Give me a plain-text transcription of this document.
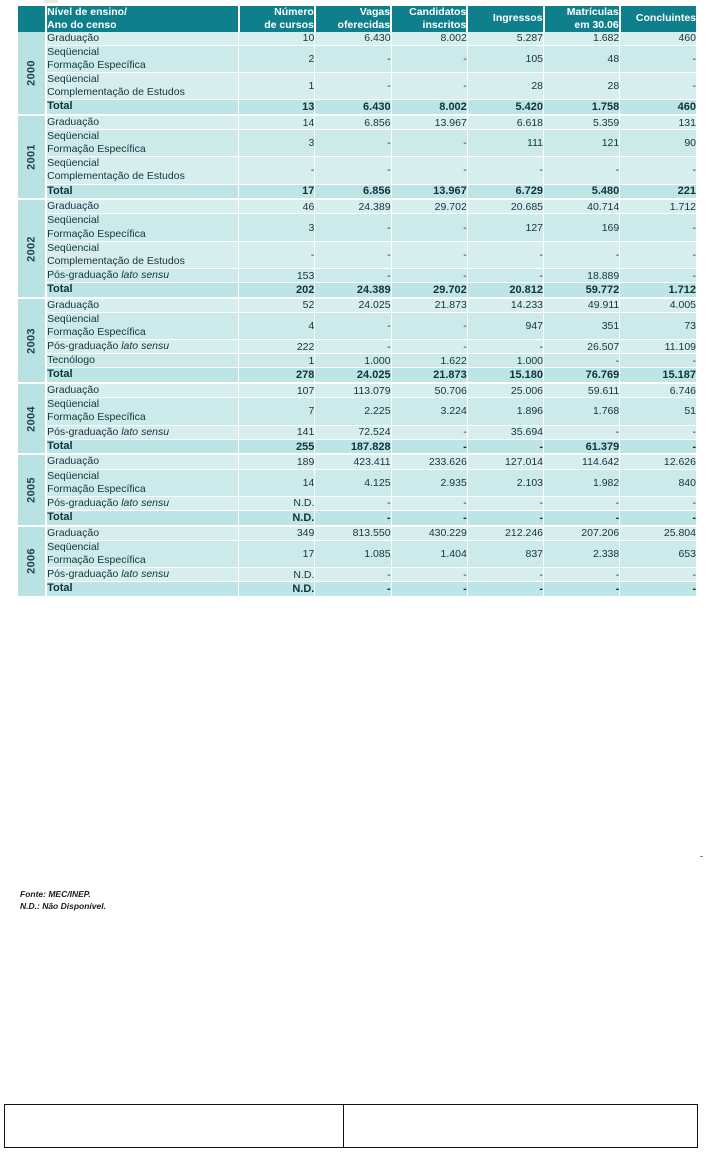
	Nível de ensino/
Ano do censo	Número
de cursos	Vagas
oferecidas	Candidatos
inscritos	Ingressos	Matrículas
em 30.06	Concluintes

2000	Graduação	10	6.430	8.002	5.287	1.682	460
	Seqüencial
Formação Específica	2	-	-	105	48	-
	Seqüencial
Complementação de Estudos	1	-	-	28	28	-
	Total	13	6.430	8.002	5.420	1.758	460

2001	Graduação	14	6.856	13.967	6.618	5.359	131
	Seqüencial
Formação Específica	3	-	-	111	121	90
	Seqüencial
Complementação de Estudos	-	-	-	-	-	-
	Total	17	6.856	13.967	6.729	5.480	221

2002	Graduação	46	24.389	29.702	20.685	40.714	1.712
	Seqüencial
Formação Específica	3	-	-	127	169	-
	Seqüencial
Complementação de Estudos	-	-	-	-	-	-
	Pós-graduação lato sensu	153	-	-	-	18.889	-
	Total	202	24.389	29.702	20.812	59.772	1.712

2003	Graduação	52	24.025	21.873	14.233	49.911	4.005
	Seqüencial
Formação Específica	4	-	-	947	351	73
	Pós-graduação lato sensu	222	-	-	-	26.507	11.109
	Tecnólogo	1	1.000	1.622	1.000	-	-
	Total	278	24.025	21.873	15.180	76.769	15.187

2004	Graduação	107	113.079	50.706	25.006	59.611	6.746
	Seqüencial
Formação Específica	7	2.225	3.224	1.896	1.768	51
	Pós-graduação lato sensu	141	72.524	-	35.694	-	-
	Total	255	187.828	-	-	61.379	-

2005	Graduação	189	423.411	233.626	127.014	114.642	12.626
	Seqüencial
Formação Específica	14	4.125	2.935	2.103	1.982	840
	Pós-graduação lato sensu	N.D.	-	-	-	-	-
	Total	N.D.	-	-	-	-	-

2006	Graduação	349	813.550	430.229	212.246	207.206	25.804
	Seqüencial
Formação Específica	17	1.085	1.404	837	2.338	653
	Pós-graduação lato sensu	N.D.	-	-	-	-	-
	Total	N.D.	-	-	-	-	-
Fonte: MEC/INEP.
N.D.: Não Disponível.
